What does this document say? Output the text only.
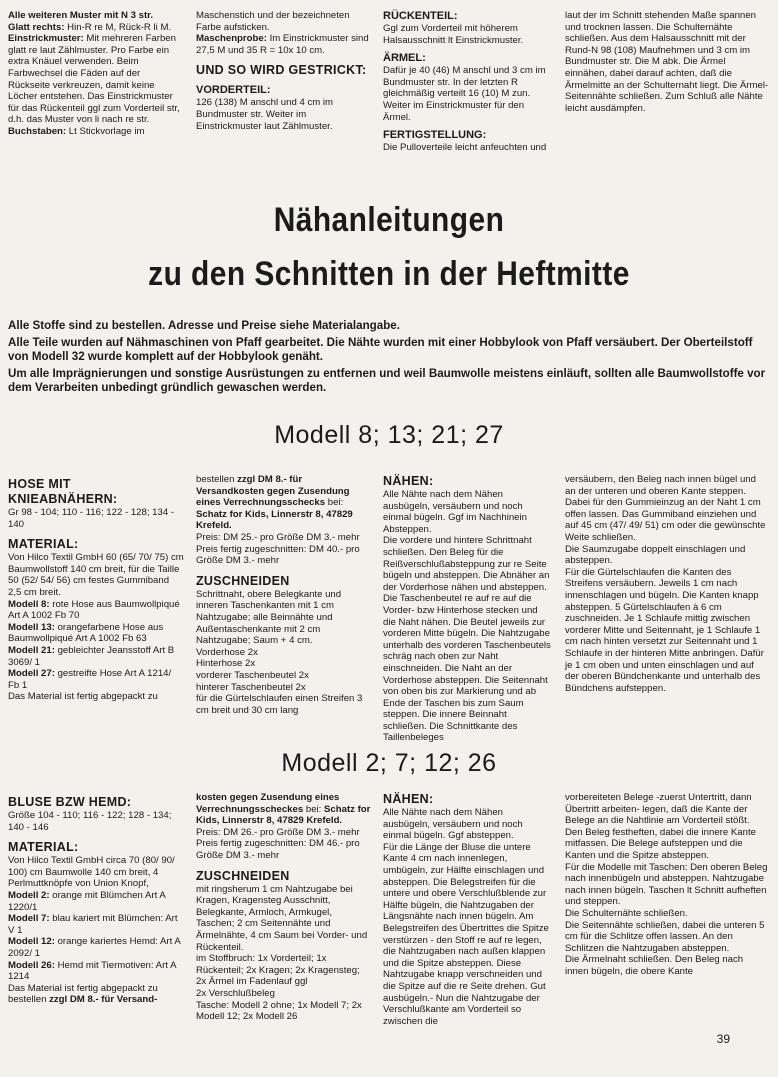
Alle weiteren Muster mit N 3 str.

Glatt rechts: Hin-R re M, Rück-R li M.

Einstrickmuster: Mit mehreren Farben glatt re laut Zählmuster. Pro Farbe ein extra Knäuel verwenden. Beim Farbwechsel die Fäden auf der Rückseite verkreuzen, damit keine Löcher entstehen. Das Einstrickmuster für das Rückenteil ggl zum Vorderteil str, d.h. das Muster von li nach re str.

Buchstaben: Lt Stickvorlage im

Maschenstich und der bezeichneten Farbe aufsticken.

Maschenprobe: Im Einstrickmuster sind 27,5 M und 35 R = 10x 10 cm.

UND SO WIRD GESTRICKT:

VORDERTEIL:

126 (138) M anschl und 4 cm im Bundmuster str. Weiter im Einstrickmuster laut Zählmuster.

RÜCKENTEIL:

Ggl zum Vorderteil mit höherem Halsausschnitt lt Einstrickmuster.

ÄRMEL:

Dafür je 40 (46) M anschl und 3 cm im Bundmuster str. In der letzten R gleichmäßig verteilt 16 (10) M zun. Weiter im Einstrickmuster für den Ärmel.

FERTIGSTELLUNG:

Die Pulloverteile leicht anfeuchten und

laut der im Schnitt stehenden Maße spannen und trocknen lassen. Die Schulternähte schließen. Aus dem Halsausschnitt mit der Rund-N 98 (108) Maufnehmen und 3 cm im Bundmuster str. Die M abk. Die Ärmel einnähen, dabei darauf achten, daß die Ärmelmitte an der Schulternaht liegt. Die Ärmel- Seitennähte schließen. Zum Schluß alle Nähte leicht ausdämpfen.

Nähanleitungen
zu den Schnitten in der Heftmitte
Alle Stoffe sind zu bestellen. Adresse und Preise siehe Materialangabe.
Alle Teile wurden auf Nähmaschinen von Pfaff gearbeitet. Die Nähte wurden mit einer Hobbylook von Pfaff versäubert. Der Oberteilstoff von Modell 32 wurde komplett auf der Hobbylook genäht.
Um alle Imprägnierungen und sonstige Ausrüstungen zu entfernen und weil Baumwolle meistens einläuft, sollten alle Baumwollstoffe vor dem Verarbeiten unbedingt gründlich gewaschen werden.
Modell 8; 13; 21; 27

HOSE MIT KNIEABNÄHERN:

Gr 98 - 104; 110 - 116; 122 - 128; 134 - 140

MATERIAL:

Von Hilco Textil GmbH 60 (65/ 70/ 75) cm Baumwollstoff 140 cm breit, für die Taille 50 (52/ 54/ 56) cm festes Gummiband 2,5 cm breit.

Modell 8: rote Hose aus Baumwollpiqué Art A 1002 Fb 70

Modell 13: orangefarbene Hose aus Baumwollpiqué Art A 1002 Fb 63

Modell 21: gebleichter Jeansstoff Art B 3069/ 1

Modell 27: gestreifte Hose Art A 1214/ Fb 1

Das Material ist fertig abgepackt zu

bestellen zzgl DM 8.- für Versandkosten gegen Zusendung eines Verrechnungsschecks bei: Schatz for Kids, Linnerstr 8, 47829 Krefeld.

Preis: DM 25.- pro Größe DM 3.- mehr Preis fertig zugeschnitten: DM 40.- pro Größe DM 3.- mehr

ZUSCHNEIDEN

Schrittnaht, obere Belegkante und inneren Taschenkanten mit 1 cm Nahtzugabe; alle Beinnähte und Außentaschenkante mit 2 cm Nahtzugabe; Saum + 4 cm.

Vorderhose 2x

Hinterhose 2x

vorderer Taschenbeutel 2x

hinterer Taschenbeutel 2x

für die Gürtelschlaufen einen Streifen 3 cm breit und 30 cm lang

NÄHEN:

Alle Nähte nach dem Nähen ausbügeln, versäubern und noch einmal bügeln. Ggf im Nachhinein Absteppen.

Die vordere und hintere Schrittnaht schließen. Den Beleg für die Reißverschlußabsteppung zur re Seite bügeln und absteppen. Die Abnäher an der Vorderhose nähen und absteppen. Die Taschenbeutel re auf re auf die Vorder- bzw Hinterhose stecken und die Naht nähen. Die Beutel jeweils zur vorderen Mitte bügeln. Die Nahtzugabe unterhalb des vorderen Taschenbeutels schräg nach oben zur Naht einschneiden. Die Naht an der Vorderhose absteppen. Die Seitennaht von oben bis zur Markierung und ab Ende der Taschen bis zum Saum steppen. Die innere Beinnaht schließen. Die Schnittkante des Taillenbeleges

versäubern, den Beleg nach innen bügel und an der unteren und oberen Kante steppen. Dabei für den Gummieinzug an der Naht 1 cm offen lassen. Das Gummiband einziehen und auf 45 cm (47/ 49/ 51) cm oder die gewünschte Weite schließen.

Die Saumzugabe doppelt einschlagen und absteppen.

Für die Gürtelschlaufen die Kanten des Streifens versäubern. Jeweils 1 cm nach innenschlagen und bügeln. Die Kanten knapp absteppen. 5 Gürtelschlaufen à 6 cm zuschneiden. Je 1 Schlaufe mittig zwischen vorderer Mitte und Seitennaht, je 1 Schlaufe 1 cm nach hinten versetzt zur Seitennaht und 1 Schlaufe in der hinteren Mitte anbringen. Dafür je 1 cm oben und unten einschlagen und auf der oberen Bündchenkante und unterhalb des Bündchens aufsteppen.

Modell 2; 7; 12; 26

BLUSE BZW HEMD:

Größe 104 - 110; 116 - 122; 128 - 134; 140 - 146

MATERIAL:

Von Hilco Textil GmbH circa 70 (80/ 90/ 100) cm Baumwolle 140 cm breit, 4 Perlmuttknöpfe von Union Knopf,

Modell 2: orange mit Blümchen Art A 1220/1

Modell 7: blau kariert mit Blümchen: Art V 1

Modell 12: orange kariertes Hemd: Art A 2092/ 1

Modell 26: Hemd mit Tiermotiven: Art A 1214

Das Material ist fertig abgepackt zu bestellen zzgl DM 8.- für Versand-

kosten gegen Zusendung eines Verrechnungsscheckes bei: Schatz for Kids, Linnerstr 8, 47829 Krefeld.

Preis: DM 26.- pro Größe DM 3.- mehr Preis fertig zugeschnitten: DM 46.- pro Größe DM 3.- mehr

ZUSCHNEIDEN

mit ringsherum 1 cm Nahtzugabe bei Kragen, Kragensteg Ausschnitt, Belegkante, Armloch, Armkugel, Taschen; 2 cm Seitennähte und Ärmelnähte, 4 cm Saum bei Vorder- und Rückenteil.

im Stoffbruch: 1x Vorderteil; 1x Rückenteil; 2x Kragen; 2x Kragensteg; 2x Ärmel im Fadenlauf ggl

2x Verschlußbeleg

Tasche: Modell 2 ohne; 1x Modell 7; 2x Modell 12; 2x Modell 26

NÄHEN:

Alle Nähte nach dem Nähen ausbügeln, versäubern und noch einmal bügeln. Ggf absteppen.

Für die Länge der Bluse die untere Kante 4 cm nach innenlegen, umbügeln, zur Hälfte einschlagen und absteppen. Die Belegstreifen für die untere und obere Verschlußblende zur Hälfte bügeln, die Nahtzugaben der Längsnähte nach innen bügeln. Am Belegstreifen des Übertrittes die Spitze verstürzen - den Stoff re auf re legen, die Nahtzugaben nach außen klappen und die Spitze absteppen. Diese Nahtzugabe knapp verschneiden und die Spitze auf die re Seite drehen. Gut ausbügeln.- Nun die Nahtzugabe der Verschlußkante am Vorderteil so zwischen die

vorbereiteten Belege -zuerst Untertritt, dann Übertritt arbeiten- legen, daß die Kante der Belege an die Nahtlinie am Vorderteil stößt. Den Beleg festheften, dabei die innere Kante mitfassen. Die Belege aufsteppen und die Kanten und die Spitze absteppen.

Für die Modelle mit Taschen: Den oberen Beleg nach innenbügeln und absteppen. Nahtzugabe nach innen bügeln. Taschen lt Schnitt aufheften und steppen.

Die Schulternähte schließen.

Die Seitennähte schließen, dabei die unteren 5 cm für die Schlitze offen lassen. An den Schlitzen die Nahtzugaben absteppen.

Die Ärmelnaht schließen. Den Beleg nach innen bügeln, die obere Kante

39
